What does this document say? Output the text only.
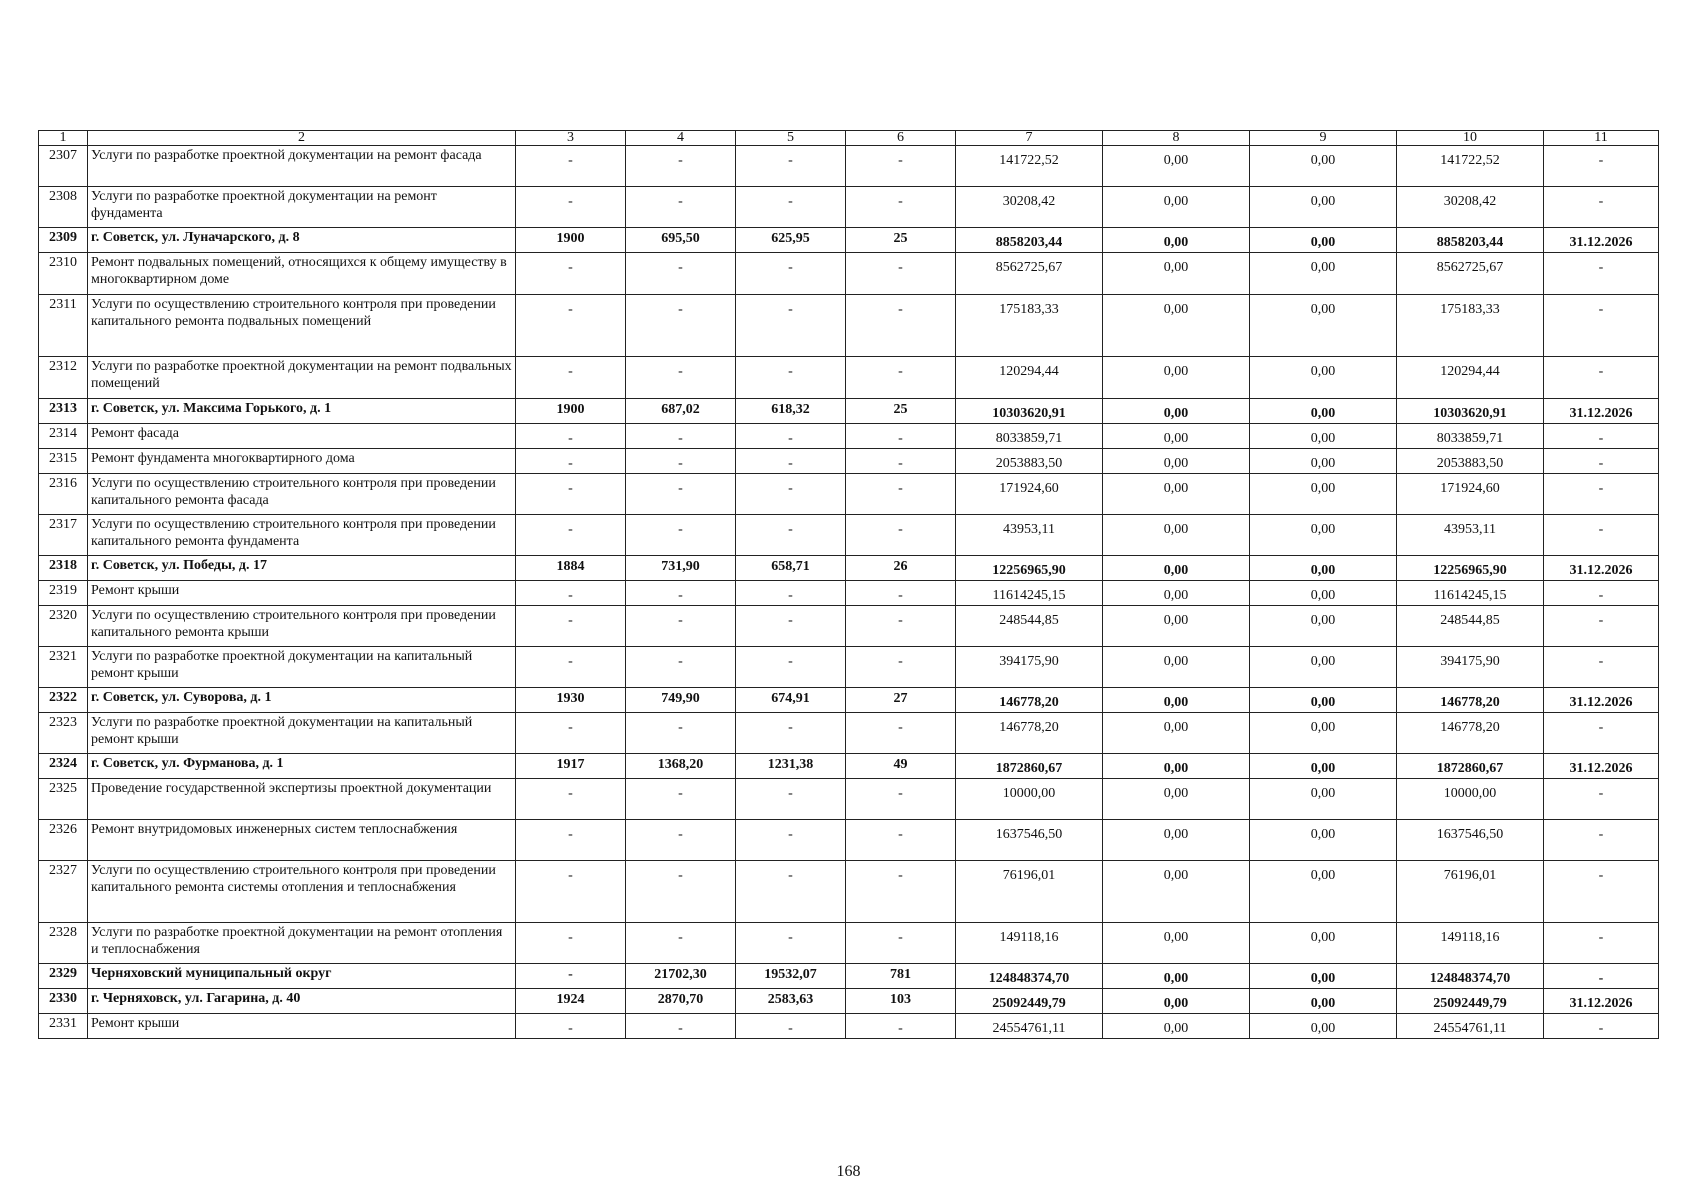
1	2	3	4	5	6	7	8	9	10	11
2307	Услуги по разработке проектной документации на ремонт фасада	-	-	-	-	141722,52	0,00	0,00	141722,52	-
2308	Услуги по разработке проектной документации на ремонт фундамента	-	-	-	-	30208,42	0,00	0,00	30208,42	-
2309	г. Советск, ул. Луначарского, д. 8	1900	695,50	625,95	25	8858203,44	0,00	0,00	8858203,44	31.12.2026
2310	Ремонт подвальных помещений, относящихся к общему имуществу в многоквартирном доме	-	-	-	-	8562725,67	0,00	0,00	8562725,67	-
2311	Услуги по осуществлению строительного контроля при проведении капитального ремонта подвальных помещений	-	-	-	-	175183,33	0,00	0,00	175183,33	-
2312	Услуги по разработке проектной документации на ремонт подвальных помещений	-	-	-	-	120294,44	0,00	0,00	120294,44	-
2313	г. Советск, ул. Максима Горького, д. 1	1900	687,02	618,32	25	10303620,91	0,00	0,00	10303620,91	31.12.2026
2314	Ремонт фасада	-	-	-	-	8033859,71	0,00	0,00	8033859,71	-
2315	Ремонт фундамента многоквартирного дома	-	-	-	-	2053883,50	0,00	0,00	2053883,50	-
2316	Услуги по осуществлению строительного контроля при проведении капитального ремонта фасада	-	-	-	-	171924,60	0,00	0,00	171924,60	-
2317	Услуги по осуществлению строительного контроля при проведении капитального ремонта фундамента	-	-	-	-	43953,11	0,00	0,00	43953,11	-
2318	г. Советск, ул. Победы, д. 17	1884	731,90	658,71	26	12256965,90	0,00	0,00	12256965,90	31.12.2026
2319	Ремонт крыши	-	-	-	-	11614245,15	0,00	0,00	11614245,15	-
2320	Услуги по осуществлению строительного контроля при проведении капитального ремонта крыши	-	-	-	-	248544,85	0,00	0,00	248544,85	-
2321	Услуги по разработке проектной документации на капитальный ремонт крыши	-	-	-	-	394175,90	0,00	0,00	394175,90	-
2322	г. Советск, ул. Суворова, д. 1	1930	749,90	674,91	27	146778,20	0,00	0,00	146778,20	31.12.2026
2323	Услуги по разработке проектной документации на капитальный ремонт крыши	-	-	-	-	146778,20	0,00	0,00	146778,20	-
2324	г. Советск, ул. Фурманова, д. 1	1917	1368,20	1231,38	49	1872860,67	0,00	0,00	1872860,67	31.12.2026
2325	Проведение государственной экспертизы проектной документации	-	-	-	-	10000,00	0,00	0,00	10000,00	-
2326	Ремонт внутридомовых инженерных систем теплоснабжения	-	-	-	-	1637546,50	0,00	0,00	1637546,50	-
2327	Услуги по осуществлению строительного контроля при проведении капитального ремонта системы отопления и теплоснабжения	-	-	-	-	76196,01	0,00	0,00	76196,01	-
2328	Услуги по разработке проектной документации на ремонт отопления и теплоснабжения	-	-	-	-	149118,16	0,00	0,00	149118,16	-
2329	Черняховский муниципальный округ	-	21702,30	19532,07	781	124848374,70	0,00	0,00	124848374,70	-
2330	г. Черняховск, ул. Гагарина, д. 40	1924	2870,70	2583,63	103	25092449,79	0,00	0,00	25092449,79	31.12.2026
2331	Ремонт крыши	-	-	-	-	24554761,11	0,00	0,00	24554761,11	-
168
